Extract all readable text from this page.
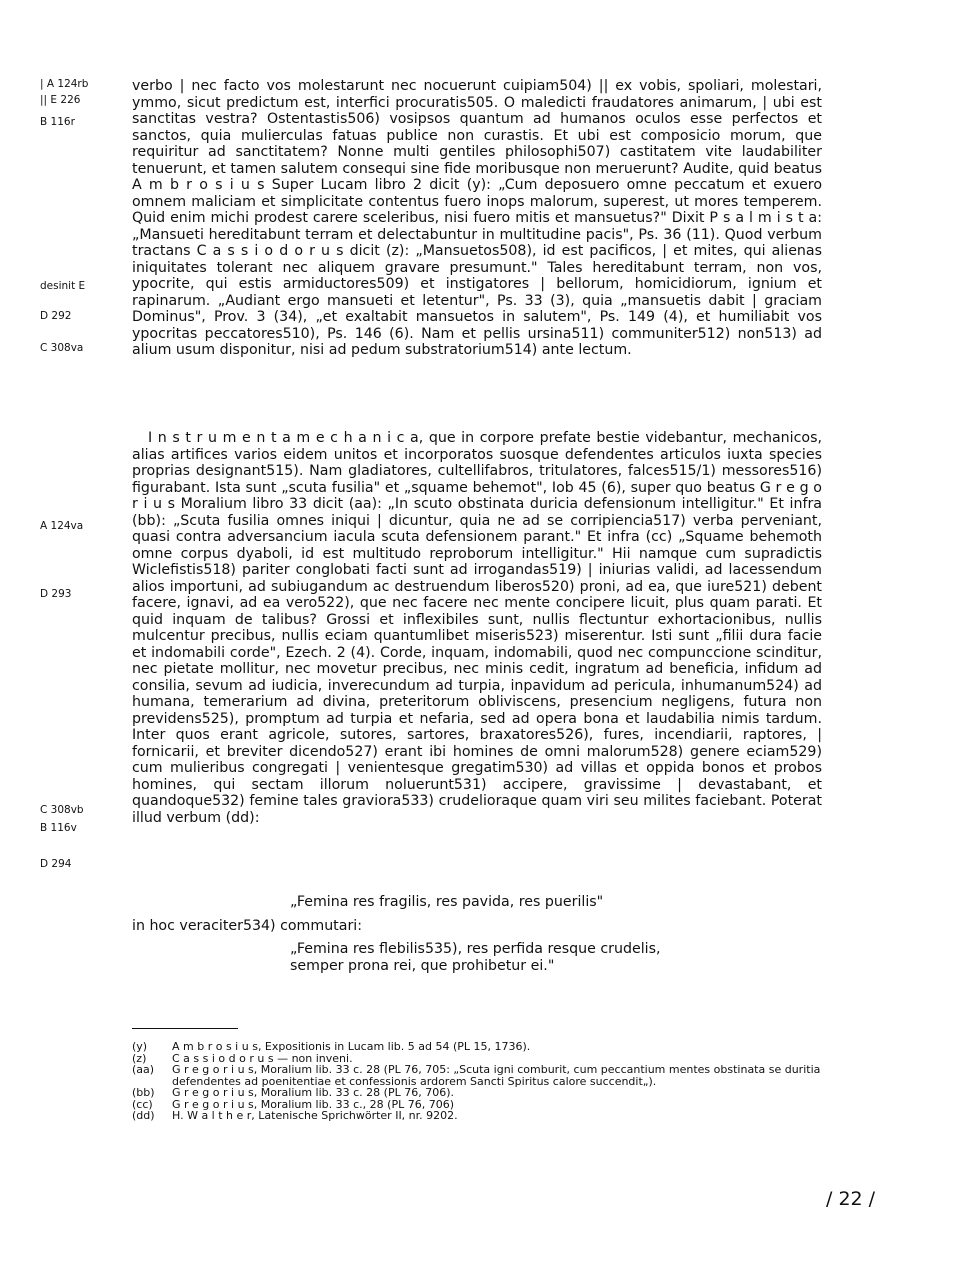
| A 124rb
|| E 226
B 116r
desinit E
D 292
C 308va
A 124va
D 293
C 308vb
B 116v
D 294

verbo | nec facto vos molestarunt nec nocuerunt cuipiam504) || ex vobis, spoliari, molestari, ymmo, sicut predictum est, interfici procuratis505. O maledicti fraudatores animarum, | ubi est sanctitas vestra? Ostentastis506) vosipsos quantum ad humanos oculos esse perfectos et sanctos, quia mulierculas fatuas publice non curastis. Et ubi est composicio morum, que requiritur ad sanctitatem? Nonne multi gentiles philosophi507) castitatem vite laudabiliter tenuerunt, et tamen salutem consequi sine fide moribusque non meruerunt? Audite, quid beatus A m b r o s i u s Super Lucam libro 2 dicit (y): „Cum deposuero omne peccatum et exuero omnem maliciam et simplicitate contentus fuero inops malorum, superest, ut mores temperem. Quid enim michi prodest carere sceleribus, nisi fuero mitis et mansuetus?" Dixit P s a l m i s t a: „Mansueti hereditabunt terram et delectabuntur in multitudine pacis", Ps. 36 (11). Quod verbum tractans C a s s i o d o r u s dicit (z): „Mansuetos508), id est pacificos, | et mites, qui alienas iniquitates tolerant nec aliquem gravare presumunt." Tales hereditabunt terram, non vos, ypocrite, qui estis armiductores509) et instigatores | bellorum, homicidiorum, ignium et rapinarum. „Audiant ergo mansueti et letentur", Ps. 33 (3), quia „mansuetis dabit | graciam Dominus", Prov. 3 (34), „et exaltabit mansuetos in salutem", Ps. 149 (4), et humiliabit vos ypocritas peccatores510), Ps. 146 (6). Nam et pellis ursina511) communiter512) non513) ad alium usum disponitur, nisi ad pedum substratorium514) ante lectum.

I n s t r u m e n t a m e c h a n i c a, que in corpore prefate bestie videbantur, mechanicos, alias artifices varios eidem unitos et incorporatos suosque defendentes articulos iuxta species proprias designant515). Nam gladiatores, cultellifabros, tritulatores, falces515/1) messores516) figurabant. Ista sunt „scuta fusilia" et „squame behemot", Iob 45 (6), super quo beatus G r e g o r i u s Moralium libro 33 dicit (aa): „In scuto obstinata duricia defensionum intelligitur." Et infra (bb): „Scuta fusilia omnes iniqui | dicuntur, quia ne ad se corripiencia517) verba perveniant, quasi contra adversancium iacula scuta defensionem parant." Et infra (cc) „Squame behemoth omne corpus dyaboli, id est multitudo reproborum intelligitur." Hii namque cum supradictis Wiclefistis518) pariter conglobati facti sunt ad irrogandas519) | iniurias validi, ad lacessendum alios importuni, ad subiugandum ac destruendum liberos520) proni, ad ea, que iure521) debent facere, ignavi, ad ea vero522), que nec facere nec mente concipere licuit, plus quam parati. Et quid inquam de talibus? Grossi et inflexibiles sunt, nullis flectuntur exhortacionibus, nullis mulcentur precibus, nullis eciam quantumlibet miseris523) miserentur. Isti sunt „filii dura facie et indomabili corde", Ezech. 2 (4). Corde, inquam, indomabili, quod nec compunccione scinditur, nec pietate mollitur, nec movetur precibus, nec minis cedit, ingratum ad beneficia, infidum ad consilia, sevum ad iudicia, inverecundum ad turpia, inpavidum ad pericula, inhumanum524) ad humana, temerarium ad divina, preteritorum obliviscens, presencium negligens, futura non previdens525), promptum ad turpia et nefaria, sed ad opera bona et laudabilia nimis tardum. Inter quos erant agricole, sutores, sartores, braxatores526), fures, incendiarii, raptores, | fornicarii, et breviter dicendo527) erant ibi homines de omni malorum528) genere eciam529) cum mulieribus congregati | venientesque gregatim530) ad villas et oppida bonos et probos homines, qui sectam illorum noluerunt531) accipere, gravissime | devastabant, et quandoque532) femine tales graviora533) crudelioraque quam viri seu milites faciebant. Poterat illud verbum (dd):

„Femina res fragilis, res pavida, res puerilis"
in hoc veraciter534) commutari:
„Femina res flebilis535), res perfida resque crudelis,
semper prona rei, que prohibetur ei."
(y)	A m b r o s i u s, Expositionis in Lucam lib. 5 ad 54 (PL 15, 1736).
(z)	C a s s i o d o r u s — non inveni.
(aa)	G r e g o r i u s, Moralium lib. 33 c. 28 (PL 76, 705: „Scuta igni comburit, cum peccantium mentes obstinata se duritia defendentes ad poenitentiae et confessionis ardorem Sancti Spiritus calore succendit„).
(bb)	G r e g o r i u s, Moralium lib. 33 c. 28 (PL 76, 706).
(cc)	G r e g o r i u s, Moralium lib. 33 c., 28 (PL 76, 706)
(dd)	H. W a l t h e r, Latenische Sprichwörter II, nr. 9202.
/ 22 /
